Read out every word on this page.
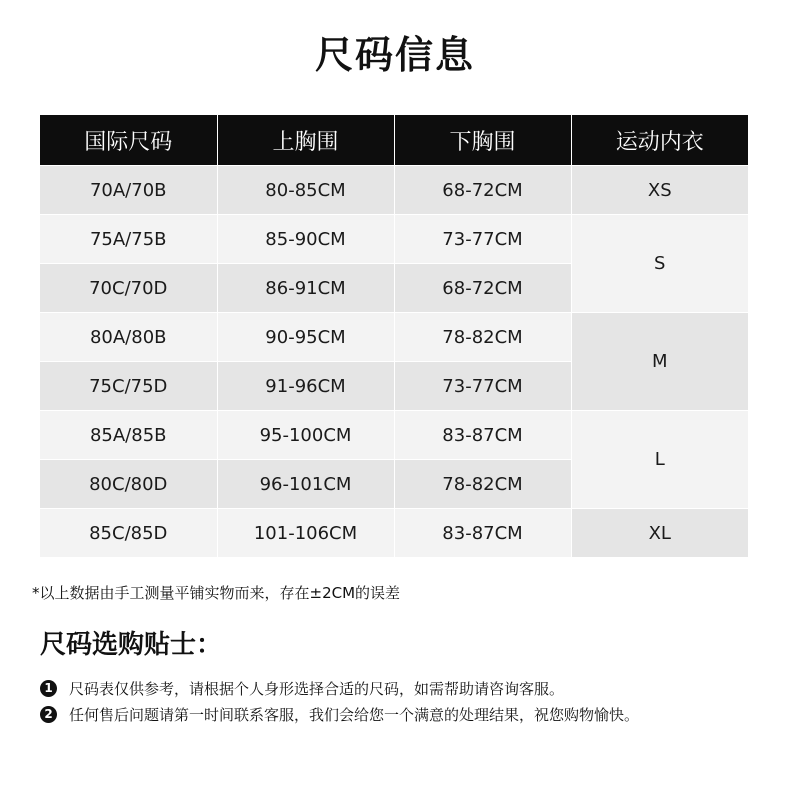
尺码信息
国际尺码	上胸围	下胸围	运动内衣
70A/70B	80-85CM	68-72CM	XS
75A/75B	85-90CM	73-77CM	S
70C/70D	86-91CM	68-72CM	
80A/80B	90-95CM	78-82CM	M
75C/75D	91-96CM	73-77CM	
85A/85B	95-100CM	83-87CM	L
80C/80D	96-101CM	78-82CM	
85C/85D	101-106CM	83-87CM	XL
*以上数据由手工测量平铺实物而来，存在±2CM的误差
尺码选购贴士：
1 尺码表仅供参考，请根据个人身形选择合适的尺码，如需帮助请咨询客服。
2 任何售后问题请第一时间联系客服，我们会给您一个满意的处理结果，祝您购物愉快。
